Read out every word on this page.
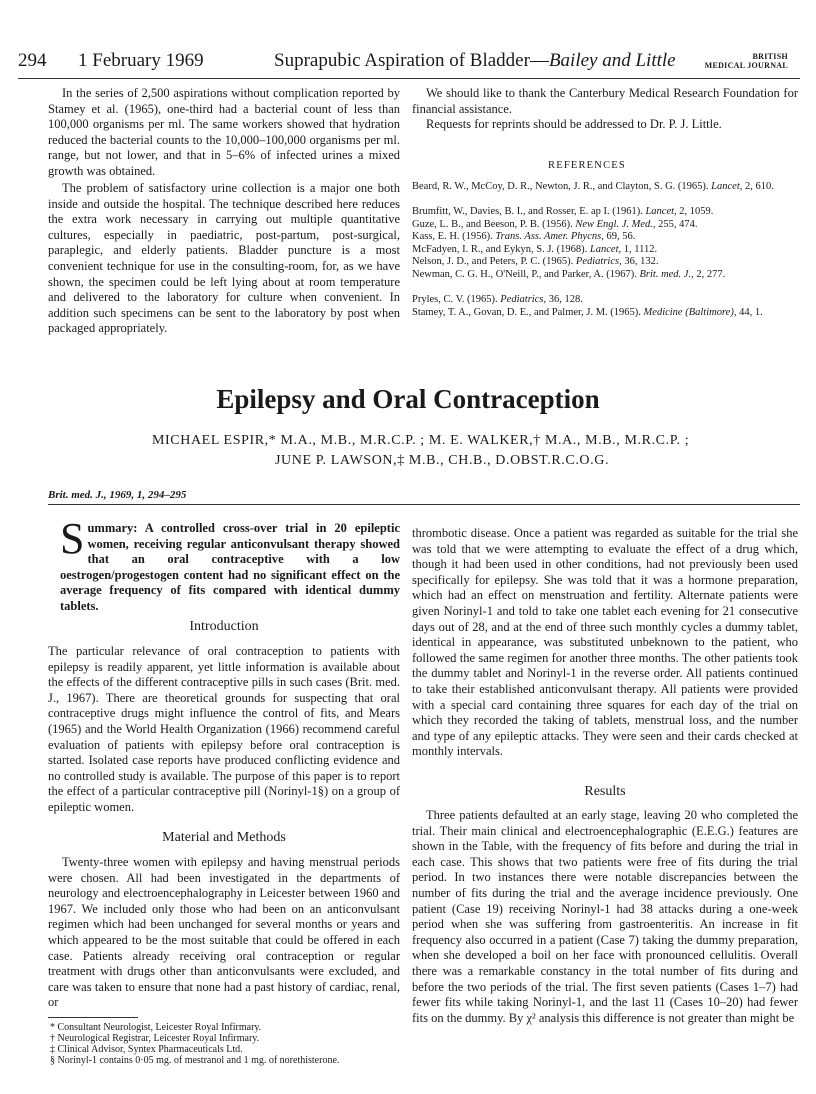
294 1 February 1969	Suprapubic Aspiration of Bladder—Bailey and Little	BRITISH
MEDICAL JOURNAL

In the series of 2,500 aspirations without complication reported by Stamey et al. (1965), one-third had a bacterial count of less than 100,000 organisms per ml. The same workers showed that hydration reduced the bacterial counts to the 10,000–100,000 organisms per ml. range, but not lower, and that in 5–6% of infected urines a mixed growth was obtained.

The problem of satisfactory urine collection is a major one both inside and outside the hospital. The technique described here reduces the extra work necessary in carrying out multiple quantitative cultures, especially in paediatric, post-partum, post-surgical, paraplegic, and elderly patients. Bladder puncture is a most convenient technique for use in the consulting-room, for, as we have shown, the specimen could be left lying about at room temperature and delivered to the laboratory for culture when convenient. In addition such specimens can be sent to the laboratory by post when packaged appropriately.

We should like to thank the Canterbury Medical Research Foundation for financial assistance.

Requests for reprints should be addressed to Dr. P. J. Little.

REFERENCES
Beard, R. W., McCoy, D. R., Newton, J. R., and Clayton, S. G. (1965). Lancet, 2, 610.
Brumfitt, W., Davies, B. I., and Rosser, E. ap I. (1961). Lancet, 2, 1059.
Guze, L. B., and Beeson, P. B. (1956). New Engl. J. Med., 255, 474.
Kass, E. H. (1956). Trans. Ass. Amer. Phycns, 69, 56.
McFadyen, I. R., and Eykyn, S. J. (1968). Lancet, 1, 1112.
Nelson, J. D., and Peters, P. C. (1965). Pediatrics, 36, 132.
Newman, C. G. H., O'Neill, P., and Parker, A. (1967). Brit. med. J., 2, 277.
Pryles, C. V. (1965). Pediatrics, 36, 128.
Stamey, T. A., Govan, D. E., and Palmer, J. M. (1965). Medicine (Baltimore), 44, 1.
Epilepsy and Oral Contraception
MICHAEL ESPIR,* M.A., M.B., M.R.C.P. ; M. E. WALKER,† M.A., M.B., M.R.C.P. ;
JUNE P. LAWSON,‡ M.B., CH.B., D.OBST.R.C.O.G.
Brit. med. J., 1969, 1, 294–295
Summary: A controlled cross-over trial in 20 epileptic women, receiving regular anticonvulsant therapy showed that an oral contraceptive with a low oestrogen/progestogen content had no significant effect on the average frequency of fits compared with identical dummy tablets.
Introduction

The particular relevance of oral contraception to patients with epilepsy is readily apparent, yet little information is available about the effects of the different contraceptive pills in such cases (Brit. med. J., 1967). There are theoretical grounds for suspecting that oral contraceptive drugs might influence the control of fits, and Mears (1965) and the World Health Organization (1966) recommend careful evaluation of patients with epilepsy before oral contraception is started. Isolated case reports have produced conflicting evidence and no controlled study is available. The purpose of this paper is to report the effect of a particular contraceptive pill (Norinyl-1§) on a group of epileptic women.

Material and Methods

Twenty-three women with epilepsy and having menstrual periods were chosen. All had been investigated in the departments of neurology and electroencephalography in Leicester between 1960 and 1967. We included only those who had been on an anticonvulsant regimen which had been unchanged for several months or years and which appeared to be the most suitable that could be offered in each case. Patients already receiving oral contraception or regular treatment with drugs other than anticonvulsants were excluded, and care was taken to ensure that none had a past history of cardiac, renal, or

thrombotic disease. Once a patient was regarded as suitable for the trial she was told that we were attempting to evaluate the effect of a drug which, though it had been used in other conditions, had not previously been used specifically for epilepsy. She was told that it was a hormone preparation, which had an effect on menstruation and fertility. Alternate patients were given Norinyl-1 and told to take one tablet each evening for 21 consecutive days out of 28, and at the end of three such monthly cycles a dummy tablet, identical in appearance, was substituted unbeknown to the patient, who followed the same regimen for another three months. The other patients took the dummy tablet and Norinyl-1 in the reverse order. All patients continued to take their established anticonvulsant therapy. All patients were provided with a special card containing three squares for each day of the trial on which they recorded the taking of tablets, menstrual loss, and the number and type of any epileptic attacks. They were seen and their cards checked at monthly intervals.

Results

Three patients defaulted at an early stage, leaving 20 who completed the trial. Their main clinical and electroencephalographic (E.E.G.) features are shown in the Table, with the frequency of fits before and during the trial in each case. This shows that two patients were free of fits during the trial period. In two instances there were notable discrepancies between the number of fits during the trial and the average incidence previously. One patient (Case 19) receiving Norinyl-1 had 38 attacks during a one-week period when she was suffering from gastroenteritis. An increase in fit frequency also occurred in a patient (Case 7) taking the dummy preparation, when she developed a boil on her face with pronounced cellulitis. Overall there was a remarkable constancy in the total number of fits during and before the two periods of the trial. The first seven patients (Cases 1–7) had fewer fits while taking Norinyl-1, and the last 11 (Cases 10–20) had fewer fits on the dummy. By χ² analysis this difference is not greater than might be

* Consultant Neurologist, Leicester Royal Infirmary.
† Neurological Registrar, Leicester Royal Infirmary.
‡ Clinical Advisor, Syntex Pharmaceuticals Ltd.
§ Norinyl-1 contains 0·05 mg. of mestranol and 1 mg. of norethisterone.
